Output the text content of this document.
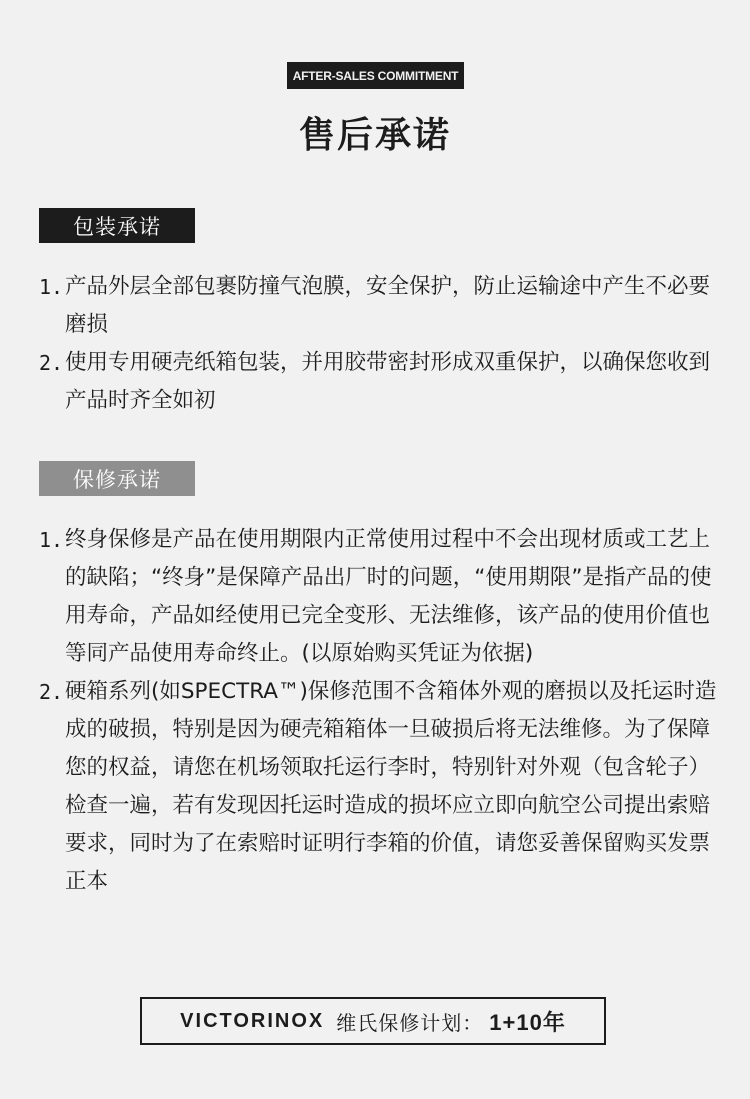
AFTER-SALES COMMITMENT
售后承诺
包装承诺
1. 产品外层全部包裹防撞气泡膜，安全保护，防止运输途中产生不必要磨损
2. 使用专用硬壳纸箱包装，并用胶带密封形成双重保护，以确保您收到产品时齐全如初
保修承诺
1. 终身保修是产品在使用期限内正常使用过程中不会出现材质或工艺上的缺陷；“终身”是保障产品出厂时的问题，“使用期限”是指产品的使用寿命，产品如经使用已完全变形、无法维修，该产品的使用价值也等同产品使用寿命终止。(以原始购买凭证为依据)
2. 硬箱系列(如SPECTRA™)保修范围不含箱体外观的磨损以及托运时造成的破损，特别是因为硬壳箱箱体一旦破损后将无法维修。为了保障您的权益，请您在机场领取托运行李时，特别针对外观（包含轮子）检查一遍，若有发现因托运时造成的损坏应立即向航空公司提出索赔要求，同时为了在索赔时证明行李箱的价值，请您妥善保留购买发票正本
VICTORINOX 维氏保修计划： 1+10年
